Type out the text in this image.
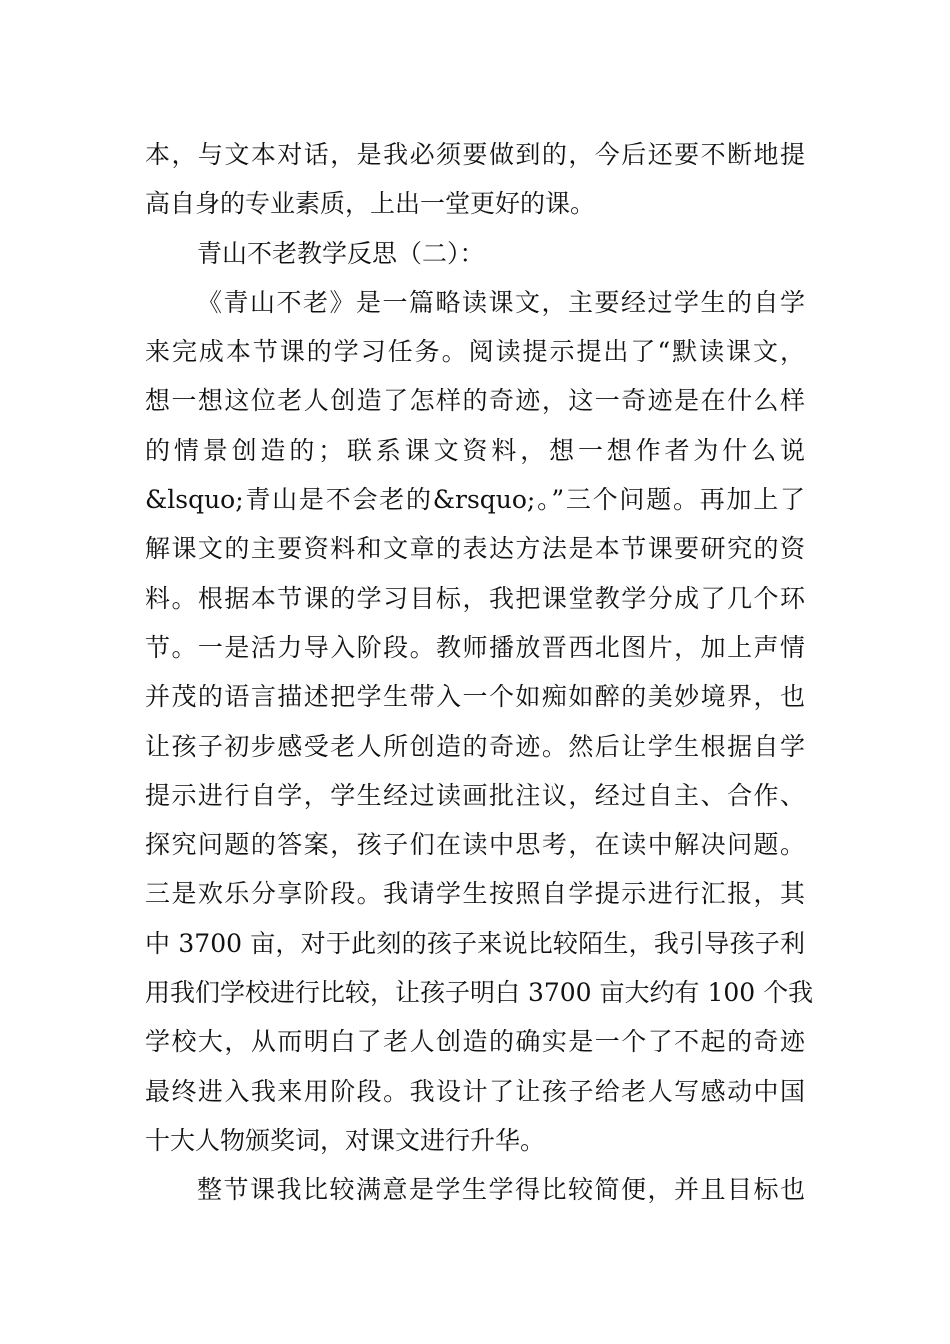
本，与文本对话，是我必须要做到的，今后还要不断地提
高自身的专业素质，上出一堂更好的课。
青山不老教学反思（二）：
《青山不老》是一篇略读课文，主要经过学生的自学
来完成本节课的学习任务。阅读提示提出了“默读课文，
想一想这位老人创造了怎样的奇迹，这一奇迹是在什么样
的情景创造的；联系课文资料，想一想作者为什么说
&lsquo;青山是不会老的&rsquo;。”三个问题。再加上了
解课文的主要资料和文章的表达方法是本节课要研究的资
料。根据本节课的学习目标，我把课堂教学分成了几个环
节。一是活力导入阶段。教师播放晋西北图片，加上声情
并茂的语言描述把学生带入一个如痴如醉的美妙境界，也
让孩子初步感受老人所创造的奇迹。然后让学生根据自学
提示进行自学，学生经过读画批注议，经过自主、合作、
探究问题的答案，孩子们在读中思考，在读中解决问题。
三是欢乐分享阶段。我请学生按照自学提示进行汇报，其
中 3700 亩，对于此刻的孩子来说比较陌生，我引导孩子利
用我们学校进行比较，让孩子明白 3700 亩大约有 100 个我
学校大，从而明白了老人创造的确实是一个了不起的奇迹
最终进入我来用阶段。我设计了让孩子给老人写感动中国
十大人物颁奖词，对课文进行升华。
整节课我比较满意是学生学得比较简便，并且目标也
